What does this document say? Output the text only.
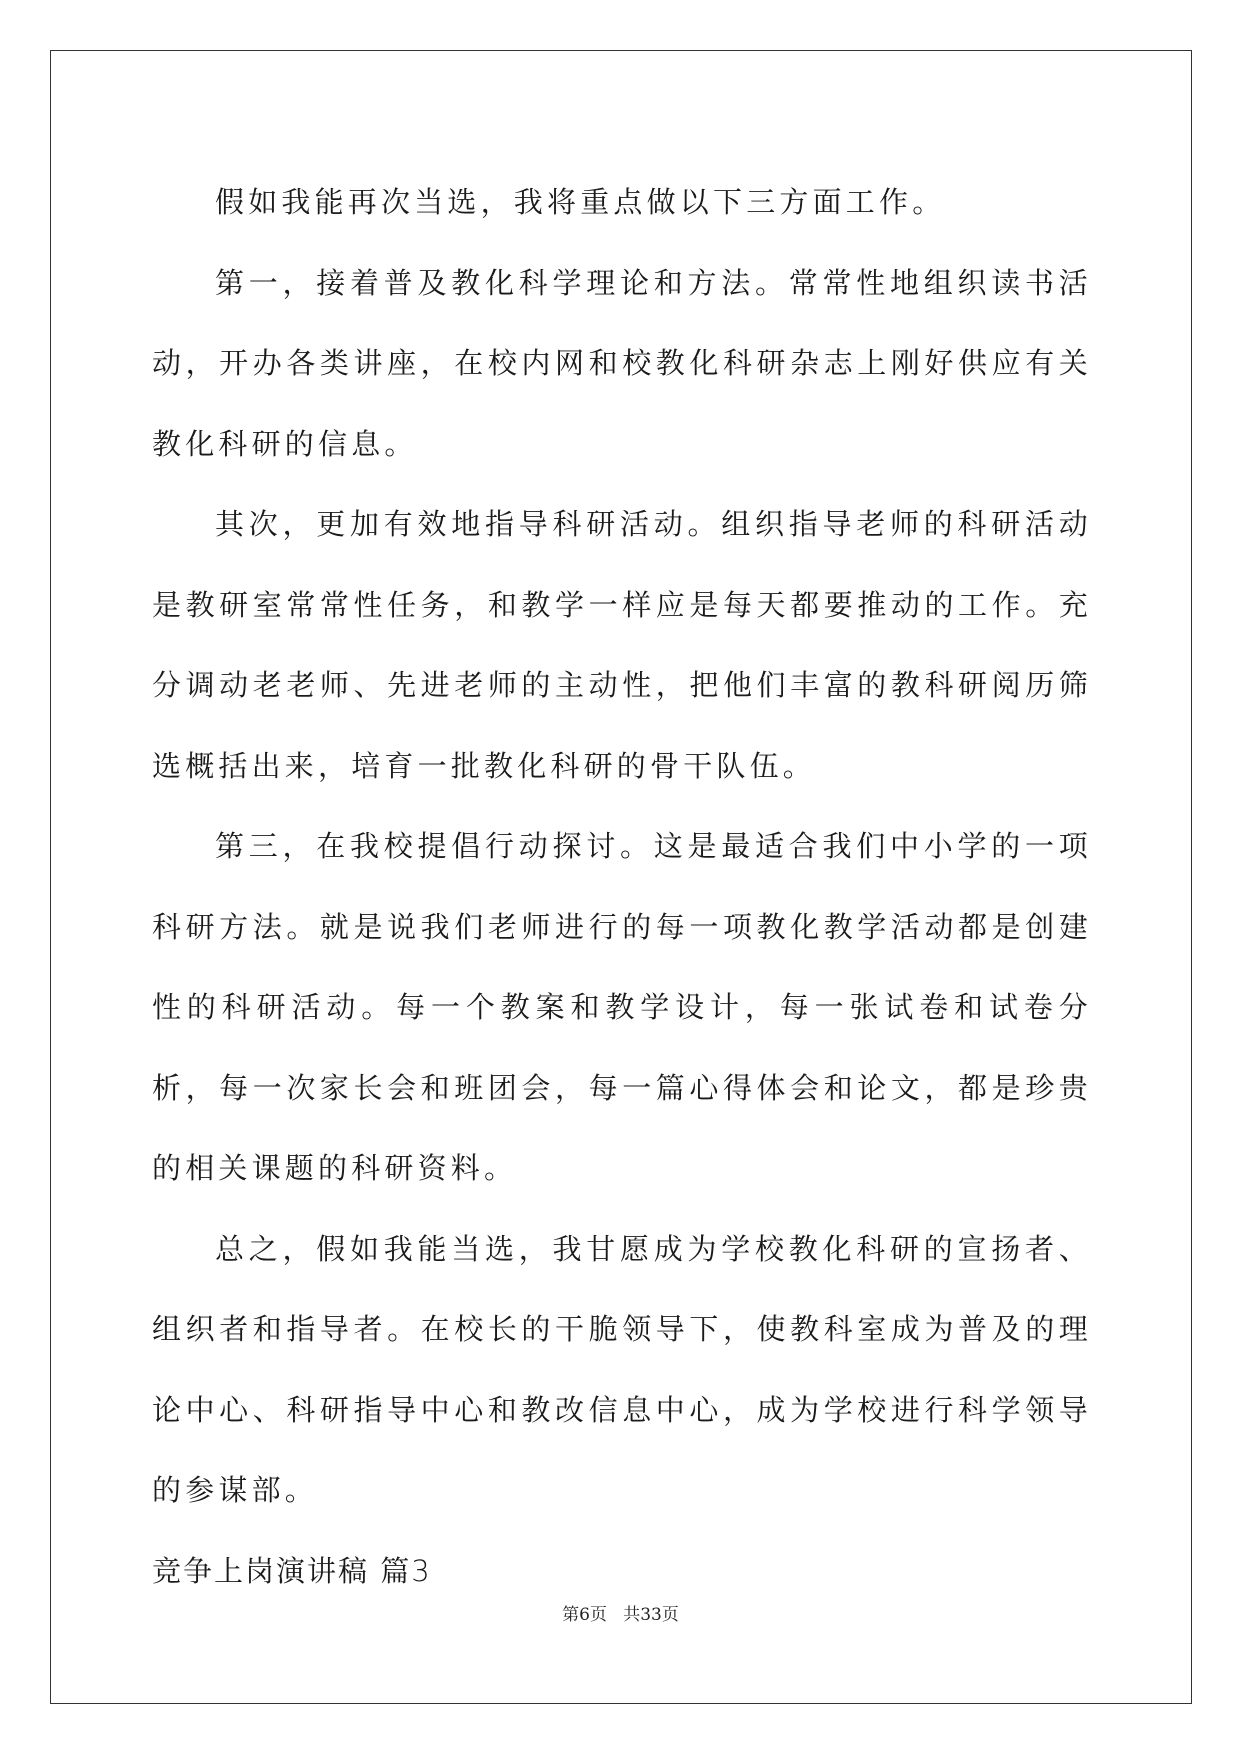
假如我能再次当选，我将重点做以下三方面工作。

第一，接着普及教化科学理论和方法。常常性地组织读书活动，开办各类讲座，在校内网和校教化科研杂志上刚好供应有关教化科研的信息。

其次，更加有效地指导科研活动。组织指导老师的科研活动是教研室常常性任务，和教学一样应是每天都要推动的工作。充分调动老老师、先进老师的主动性，把他们丰富的教科研阅历筛选概括出来，培育一批教化科研的骨干队伍。

第三，在我校提倡行动探讨。这是最适合我们中小学的一项科研方法。就是说我们老师进行的每一项教化教学活动都是创建性的科研活动。每一个教案和教学设计，每一张试卷和试卷分析，每一次家长会和班团会，每一篇心得体会和论文，都是珍贵的相关课题的科研资料。

总之，假如我能当选，我甘愿成为学校教化科研的宣扬者、组织者和指导者。在校长的干脆领导下，使教科室成为普及的理论中心、科研指导中心和教改信息中心，成为学校进行科学领导的参谋部。

竞争上岗演讲稿 篇3

第6页 共33页
